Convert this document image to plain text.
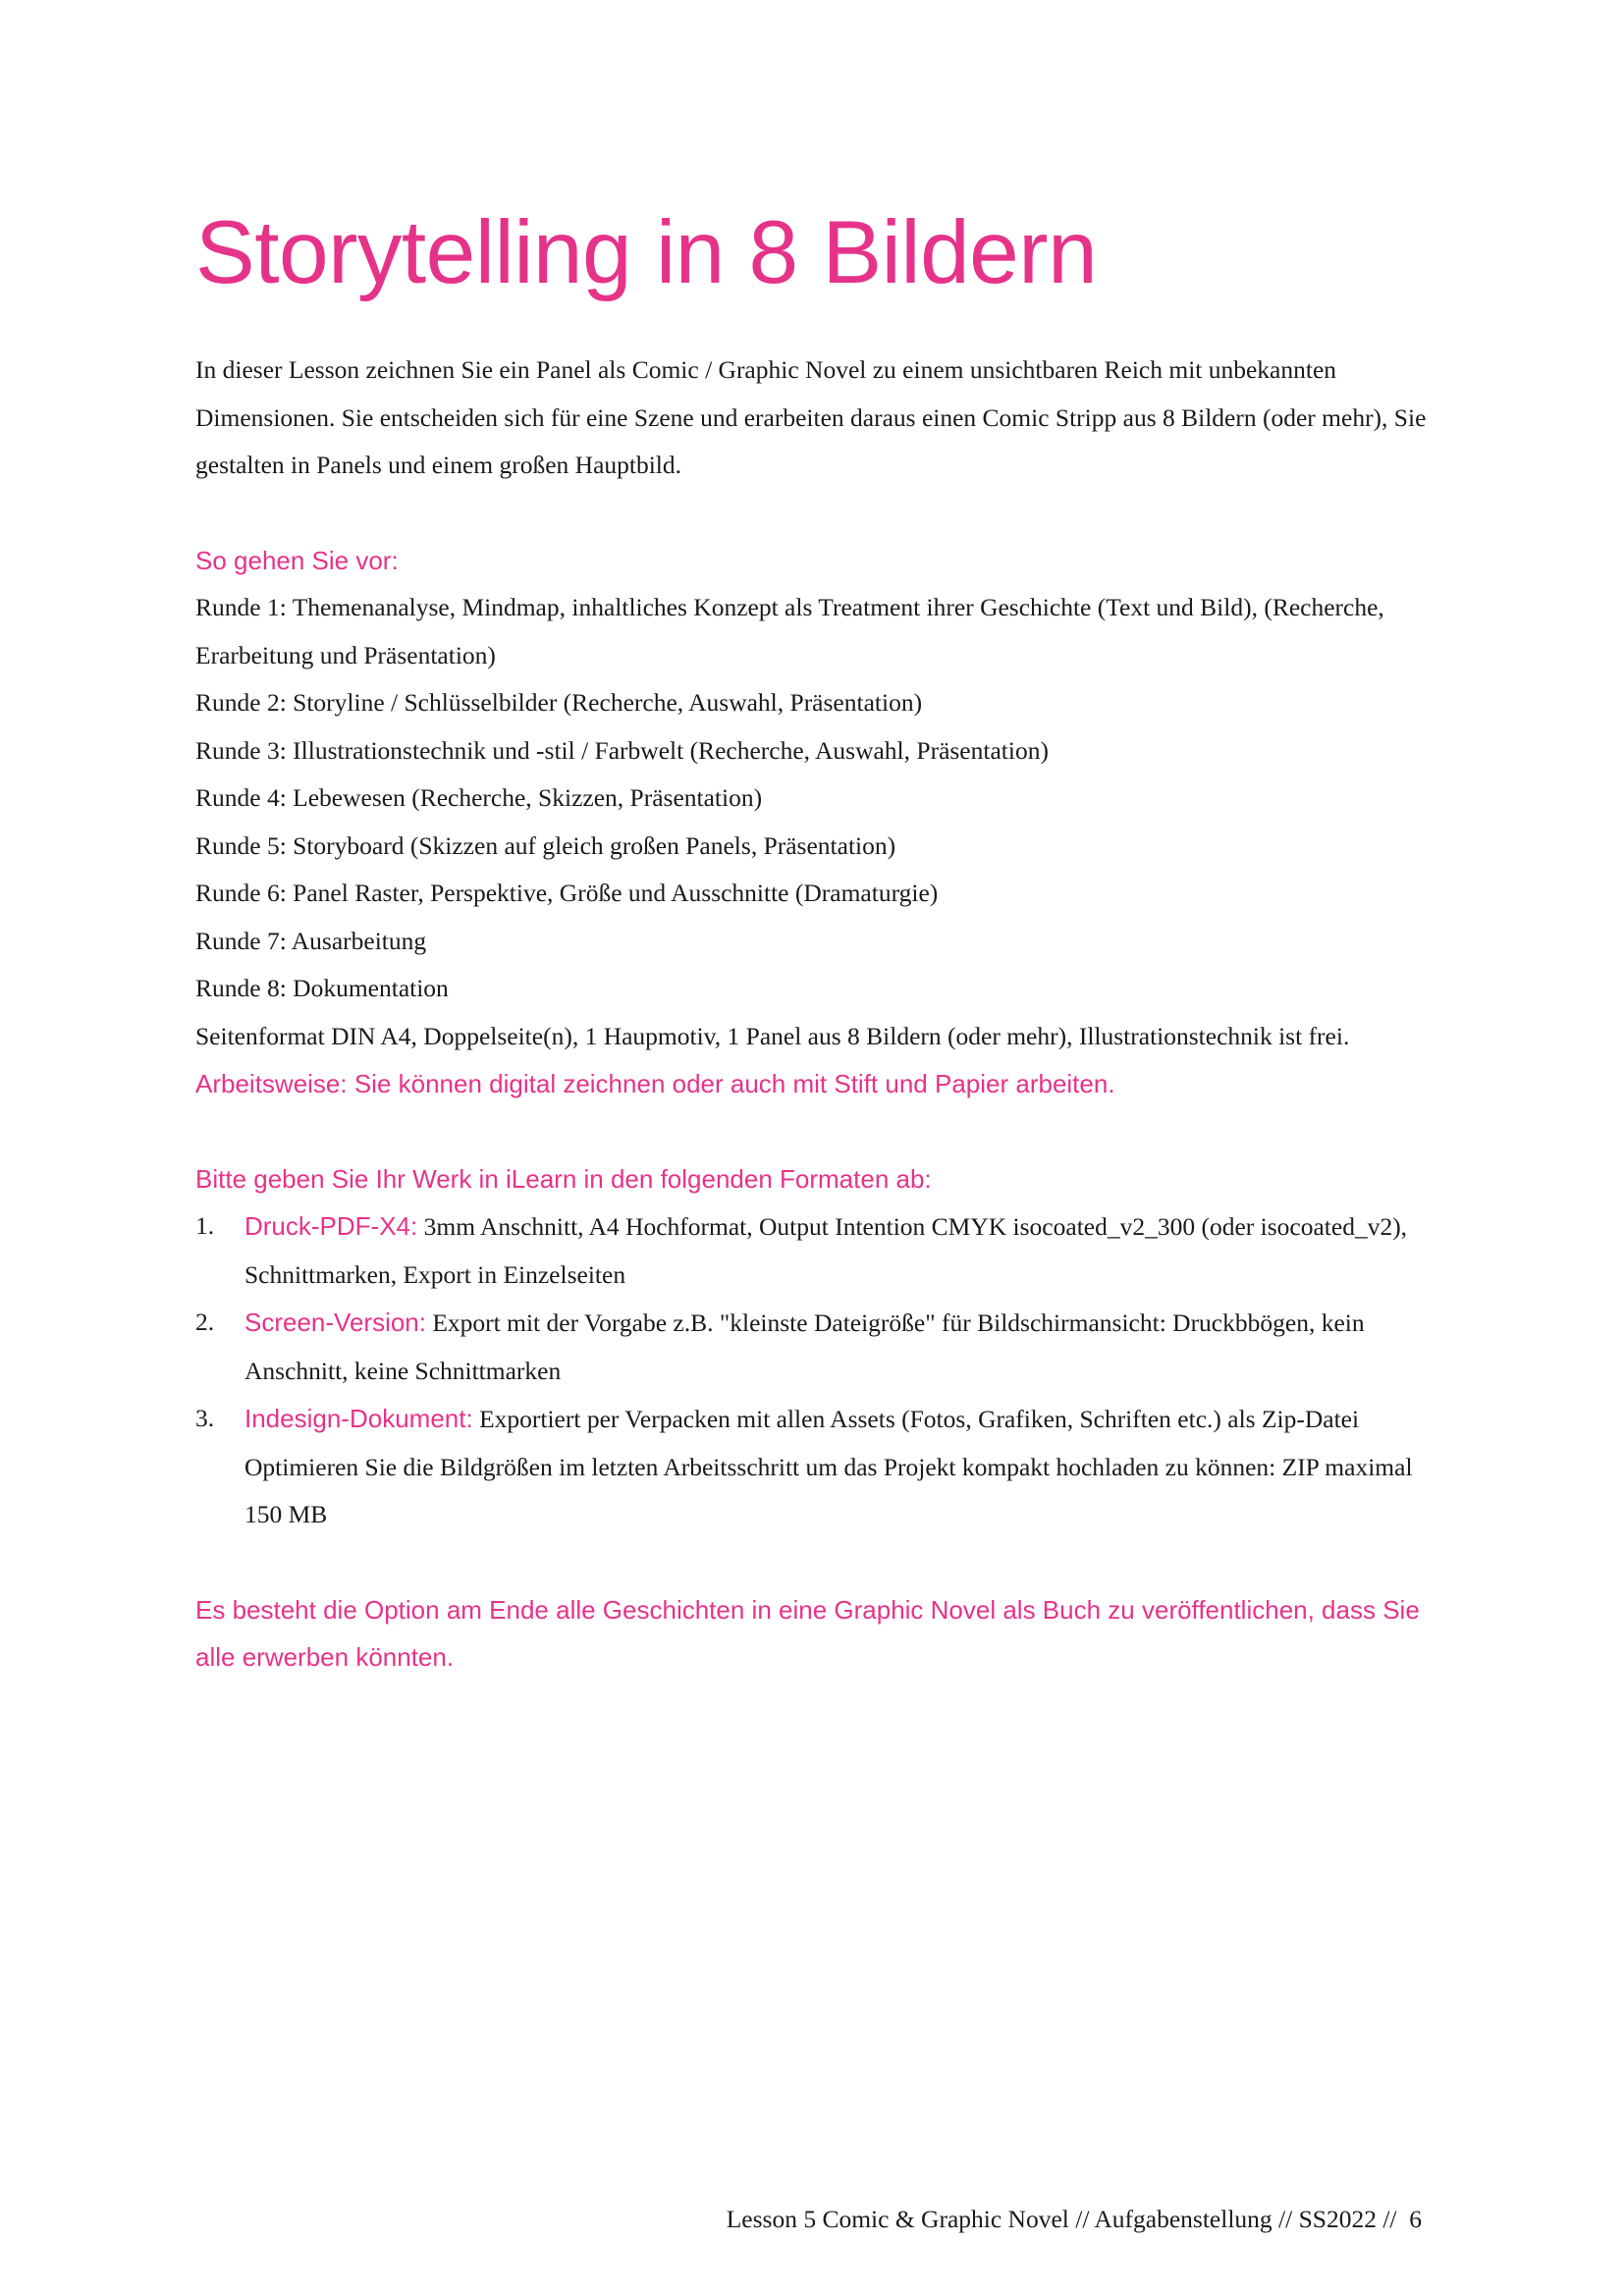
Storytelling in 8 Bildern

In dieser Lesson zeichnen Sie ein Panel als Comic / Graphic Novel zu einem unsichtbaren Reich mit unbekannten Dimensionen. Sie entscheiden sich für eine Szene und erarbeiten daraus einen Comic Stripp aus 8 Bildern (oder mehr), Sie gestalten in Panels und einem großen Hauptbild.

So gehen Sie vor:
Runde 1: Themenanalyse, Mindmap, inhaltliches Konzept als Treatment ihrer Geschichte (Text und Bild), (Recherche, Erarbeitung und Präsentation)
Runde 2: Storyline / Schlüsselbilder (Recherche, Auswahl, Präsentation)
Runde 3: Illustrationstechnik und -stil / Farbwelt (Recherche, Auswahl, Präsentation)
Runde 4: Lebewesen (Recherche, Skizzen, Präsentation)
Runde 5: Storyboard (Skizzen auf gleich großen Panels, Präsentation)
Runde 6: Panel Raster, Perspektive, Größe und Ausschnitte (Dramaturgie)
Runde 7: Ausarbeitung
Runde 8: Dokumentation
Seitenformat DIN A4, Doppelseite(n), 1 Haupmotiv, 1 Panel aus 8 Bildern (oder mehr), Illustrationstechnik ist frei.
Arbeitsweise: Sie können digital zeichnen oder auch mit Stift und Papier arbeiten.
Bitte geben Sie Ihr Werk in iLearn in den folgenden Formaten ab:
1. Druck-PDF-X4: 3mm Anschnitt, A4 Hochformat, Output Intention CMYK isocoated_v2_300 (oder isocoated_v2), Schnittmarken, Export in Einzelseiten
2. Screen-Version: Export mit der Vorgabe z.B. "kleinste Dateigröße" für Bildschirmansicht: Druckbbögen, kein Anschnitt, keine Schnittmarken
3. Indesign-Dokument: Exportiert per Verpacken mit allen Assets (Fotos, Grafiken, Schriften etc.) als Zip-Datei
Optimieren Sie die Bildgrößen im letzten Arbeitsschritt um das Projekt kompakt hochladen zu können: ZIP maximal 150 MB
Es besteht die Option am Ende alle Geschichten in eine Graphic Novel als Buch zu veröffentlichen, dass Sie alle erwerben könnten.
Lesson 5 Comic & Graphic Novel // Aufgabenstellung // SS2022 //  6
